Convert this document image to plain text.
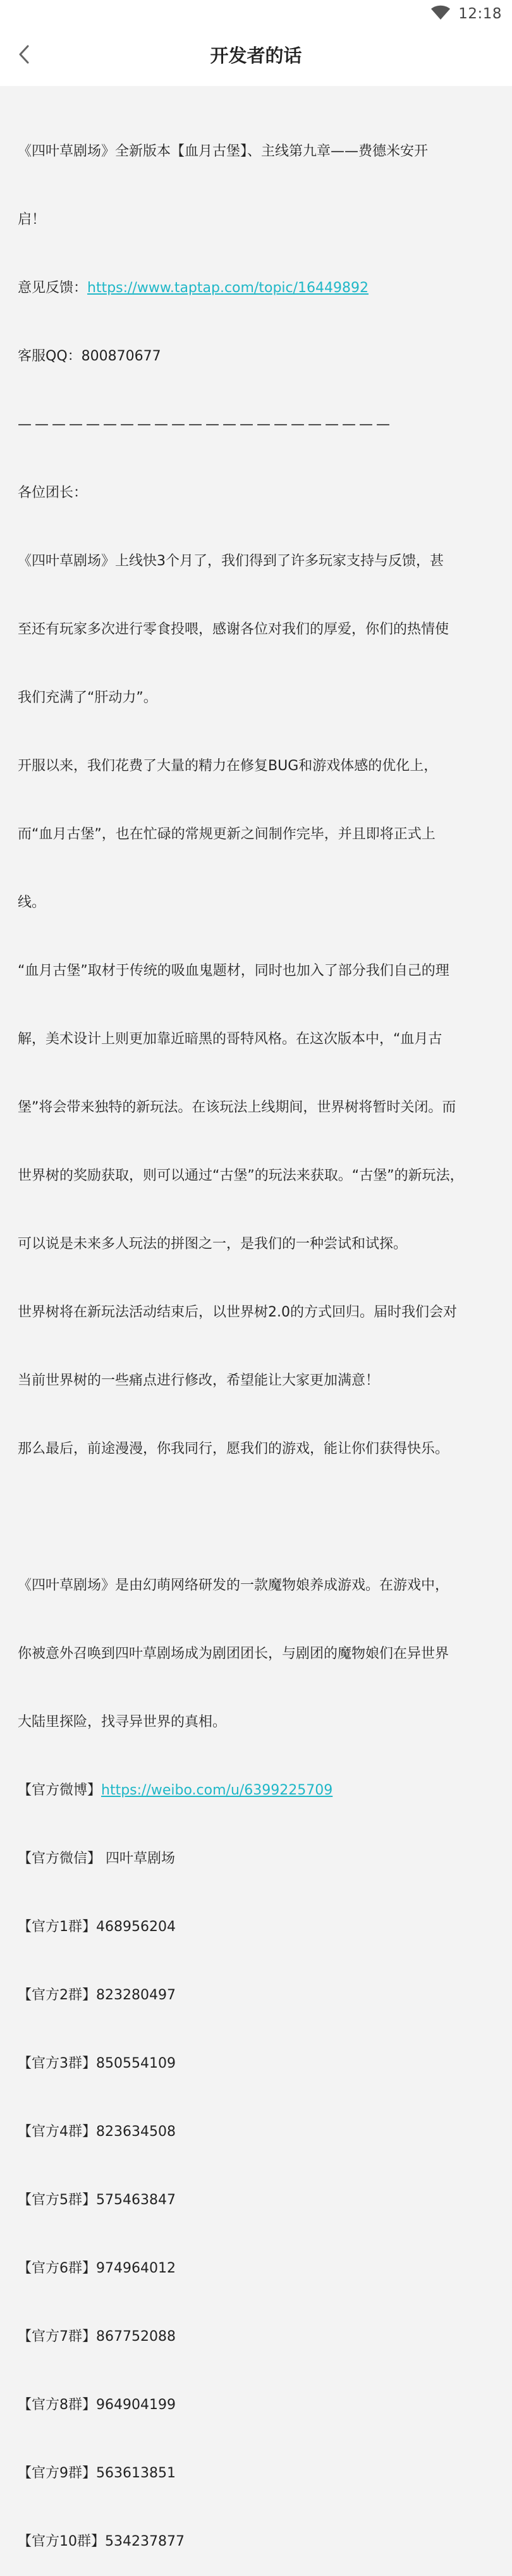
12:18
开发者的话

《四叶草剧场》全新版本【血月古堡】、主线第九章——费德米安开

启！

意见反馈：https://www.taptap.com/topic/16449892

客服QQ：800870677

——————————————————————

各位团长：

《四叶草剧场》上线快3个月了，我们得到了许多玩家支持与反馈，甚

至还有玩家多次进行零食投喂，感谢各位对我们的厚爱，你们的热情使

我们充满了“肝动力”。

开服以来，我们花费了大量的精力在修复BUG和游戏体感的优化上，

而“血月古堡”，也在忙碌的常规更新之间制作完毕，并且即将正式上

线。

“血月古堡”取材于传统的吸血鬼题材，同时也加入了部分我们自己的理

解，美术设计上则更加靠近暗黑的哥特风格。在这次版本中，“血月古

堡”将会带来独特的新玩法。在该玩法上线期间，世界树将暂时关闭。而

世界树的奖励获取，则可以通过“古堡”的玩法来获取。“古堡”的新玩法，

可以说是未来多人玩法的拼图之一，是我们的一种尝试和试探。

世界树将在新玩法活动结束后，以世界树2.0的方式回归。届时我们会对

当前世界树的一些痛点进行修改，希望能让大家更加满意！

那么最后，前途漫漫，你我同行，愿我们的游戏，能让你们获得快乐。

《四叶草剧场》是由幻萌网络研发的一款魔物娘养成游戏。在游戏中，

你被意外召唤到四叶草剧场成为剧团团长，与剧团的魔物娘们在异世界

大陆里探险，找寻异世界的真相。

【官方微博】https://weibo.com/u/6399225709

【官方微信】 四叶草剧场

【官方1群】468956204

【官方2群】823280497

【官方3群】850554109

【官方4群】823634508

【官方5群】575463847

【官方6群】974964012

【官方7群】867752088

【官方8群】964904199

【官方9群】563613851

【官方10群】534237877
